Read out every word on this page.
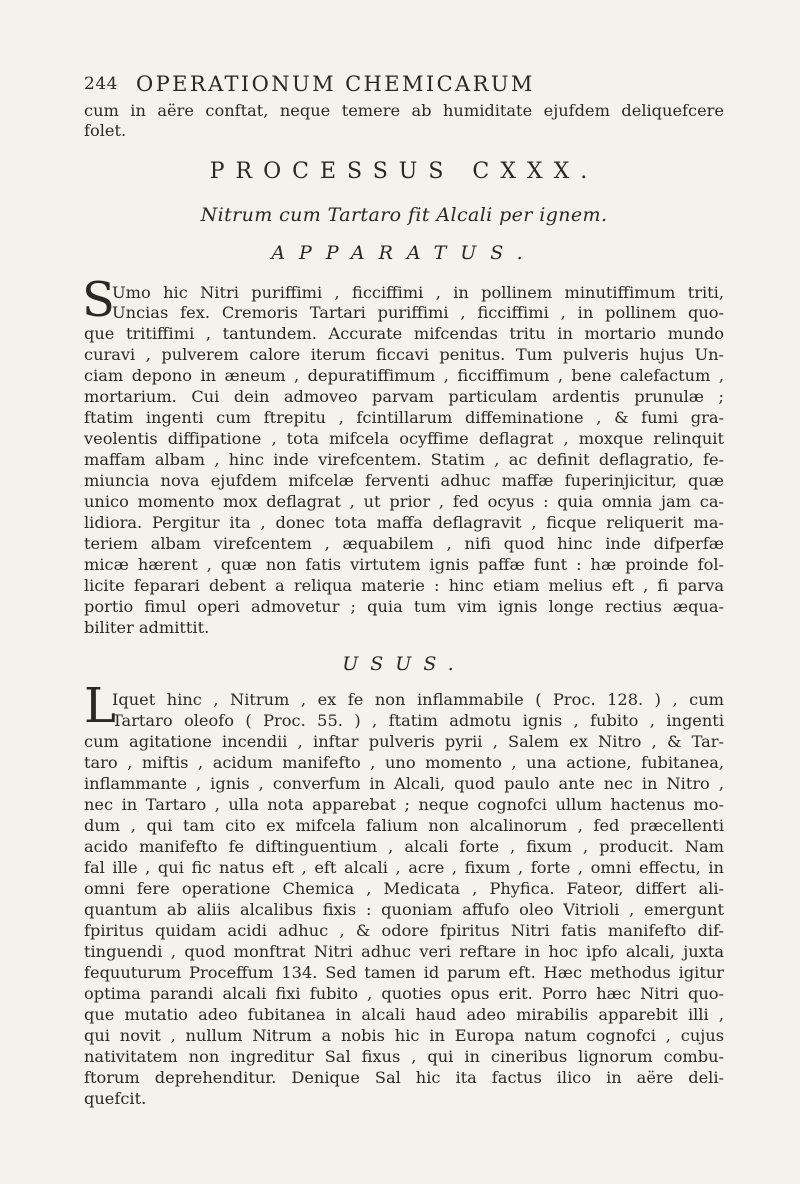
244 OPERATIONUM CHEMICARUM
cum in aëre conftat, neque temere ab humiditate ejufdem deliquefcere
folet.
PROCESSUS CXXX.
Nitrum cum Tartaro fit Alcali per ignem.
APPARATUS.
S
Umo hic Nitri puriffimi , ficciffimi , in pollinem minutiffimum triti,
Uncias fex. Cremoris Tartari puriffimi , ficciffimi , in pollinem quo-
que tritiffimi , tantundem. Accurate mifcendas tritu in mortario mundo
curavi , pulverem calore iterum ficcavi penitus. Tum pulveris hujus Un-
ciam depono in æneum , depuratiffimum , ficciffimum , bene calefactum ,
mortarium. Cui dein admoveo parvam particulam ardentis prunulæ ;
ftatim ingenti cum ftrepitu , fcintillarum diffeminatione , & fumi gra-
veolentis diffipatione , tota mifcela ocyffime deflagrat , moxque relinquit
maffam albam , hinc inde virefcentem. Statim , ac definit deflagratio, fe-
miuncia nova ejufdem mifcelæ ferventi adhuc maffæ fuperinjicitur, quæ
unico momento mox deflagrat , ut prior , fed ocyus : quia omnia jam ca-
lidiora. Pergitur ita , donec tota maffa deflagravit , ficque reliquerit ma-
teriem albam virefcentem , æquabilem , nifi quod hinc inde difperfæ
micæ hærent , quæ non fatis virtutem ignis paffæ funt : hæ proinde fol-
licite feparari debent a reliqua materie : hinc etiam melius eft , fi parva
portio fimul operi admovetur ; quia tum vim ignis longe rectius æqua-
biliter admittit.
USUS.
L
Iquet hinc , Nitrum , ex fe non inflammabile ( Proc. 128. ) , cum
Tartaro oleofo ( Proc. 55. ) , ftatim admotu ignis , fubito , ingenti
cum agitatione incendii , inftar pulveris pyrii , Salem ex Nitro , & Tar-
taro , miftis , acidum manifefto , uno momento , una actione, fubitanea,
inflammante , ignis , converfum in Alcali, quod paulo ante nec in Nitro ,
nec in Tartaro , ulla nota apparebat ; neque cognofci ullum hactenus mo-
dum , qui tam cito ex mifcela falium non alcalinorum , fed præcellenti
acido manifefto fe diftinguentium , alcali forte , fixum , producit. Nam
fal ille , qui fic natus eft , eft alcali , acre , fixum , forte , omni effectu, in
omni fere operatione Chemica , Medicata , Phyfica. Fateor, differt ali-
quantum ab aliis alcalibus fixis : quoniam affufo oleo Vitrioli , emergunt
fpiritus quidam acidi adhuc , & odore fpiritus Nitri fatis manifefto dif-
tinguendi , quod monftrat Nitri adhuc veri reftare in hoc ipfo alcali, juxta
fequuturum Proceffum 134. Sed tamen id parum eft. Hæc methodus igitur
optima parandi alcali fixi fubito , quoties opus erit. Porro hæc Nitri quo-
que mutatio adeo fubitanea in alcali haud adeo mirabilis apparebit illi ,
qui novit , nullum Nitrum a nobis hic in Europa natum cognofci , cujus
nativitatem non ingreditur Sal fixus , qui in cineribus lignorum combu-
ftorum deprehenditur. Denique Sal hic ita factus ilico in aëre deli-
quefcit.
